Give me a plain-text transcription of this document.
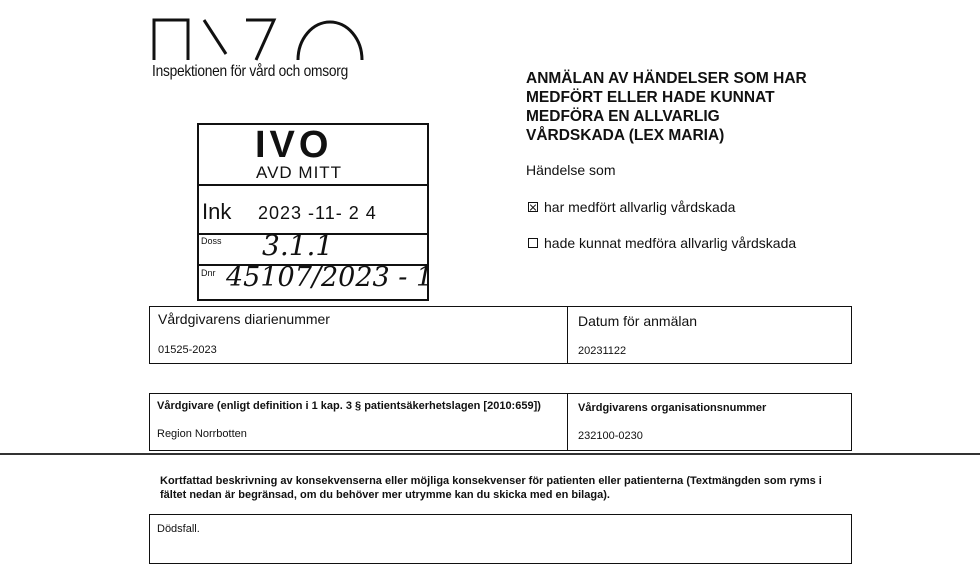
Inspektionen för vård och omsorg	ANMÄLAN AV HÄNDELSER SOM HAR
MEDFÖRT ELLER HADE KUNNAT
MEDFÖRA EN ALLVARLIG
VÅRDSKADA (LEX MARIA)
Händelse som
har medfört allvarlig vårdskada
hade kunnat medföra allvarlig vårdskada
IVO
AVD MITT
Ink 2023 -11- 2 4
Doss 3.1.1
Dnr 45107/2023 - 1
Vårdgivarens diarienummer
01525-2023
Datum för anmälan
20231122
Vårdgivare (enligt definition i 1 kap. 3 § patientsäkerhetslagen [2010:659])
Region Norrbotten
Vårdgivarens organisationsnummer
232100-0230
Kortfattad beskrivning av konsekvenserna eller möjliga konsekvenser för patienten eller patienterna (Textmängden som ryms i fältet nedan är begränsad, om du behöver mer utrymme kan du skicka med en bilaga).
Dödsfall.
